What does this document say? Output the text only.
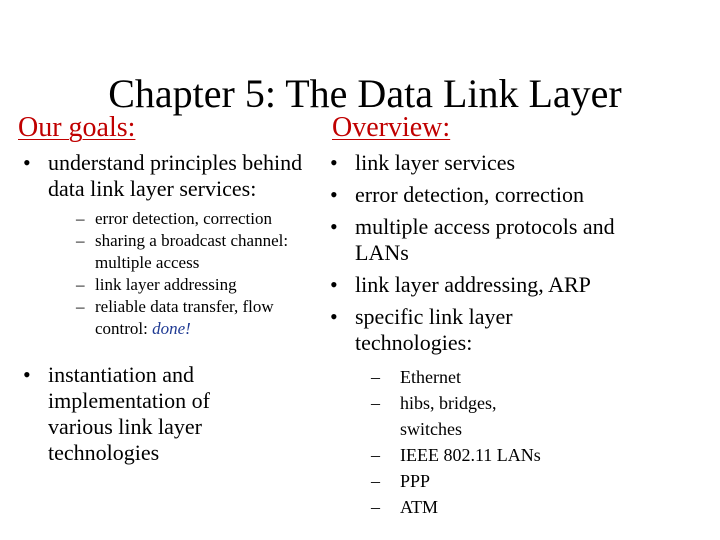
Chapter 5: The Data Link Layer
Our goals:
• understand principles behind data link layer services:
– error detection, correction
– sharing a broadcast channel: multiple access
– link layer addressing
– reliable data transfer, flow control: done!
• instantiation and implementation of various link layer technologies
Overview:
• link layer services
• error detection, correction
• multiple access protocols and LANs
• link layer addressing, ARP
• specific link layer technologies:
– Ethernet
– hibs, bridges, switches
– IEEE 802.11 LANs
– PPP
– ATM
